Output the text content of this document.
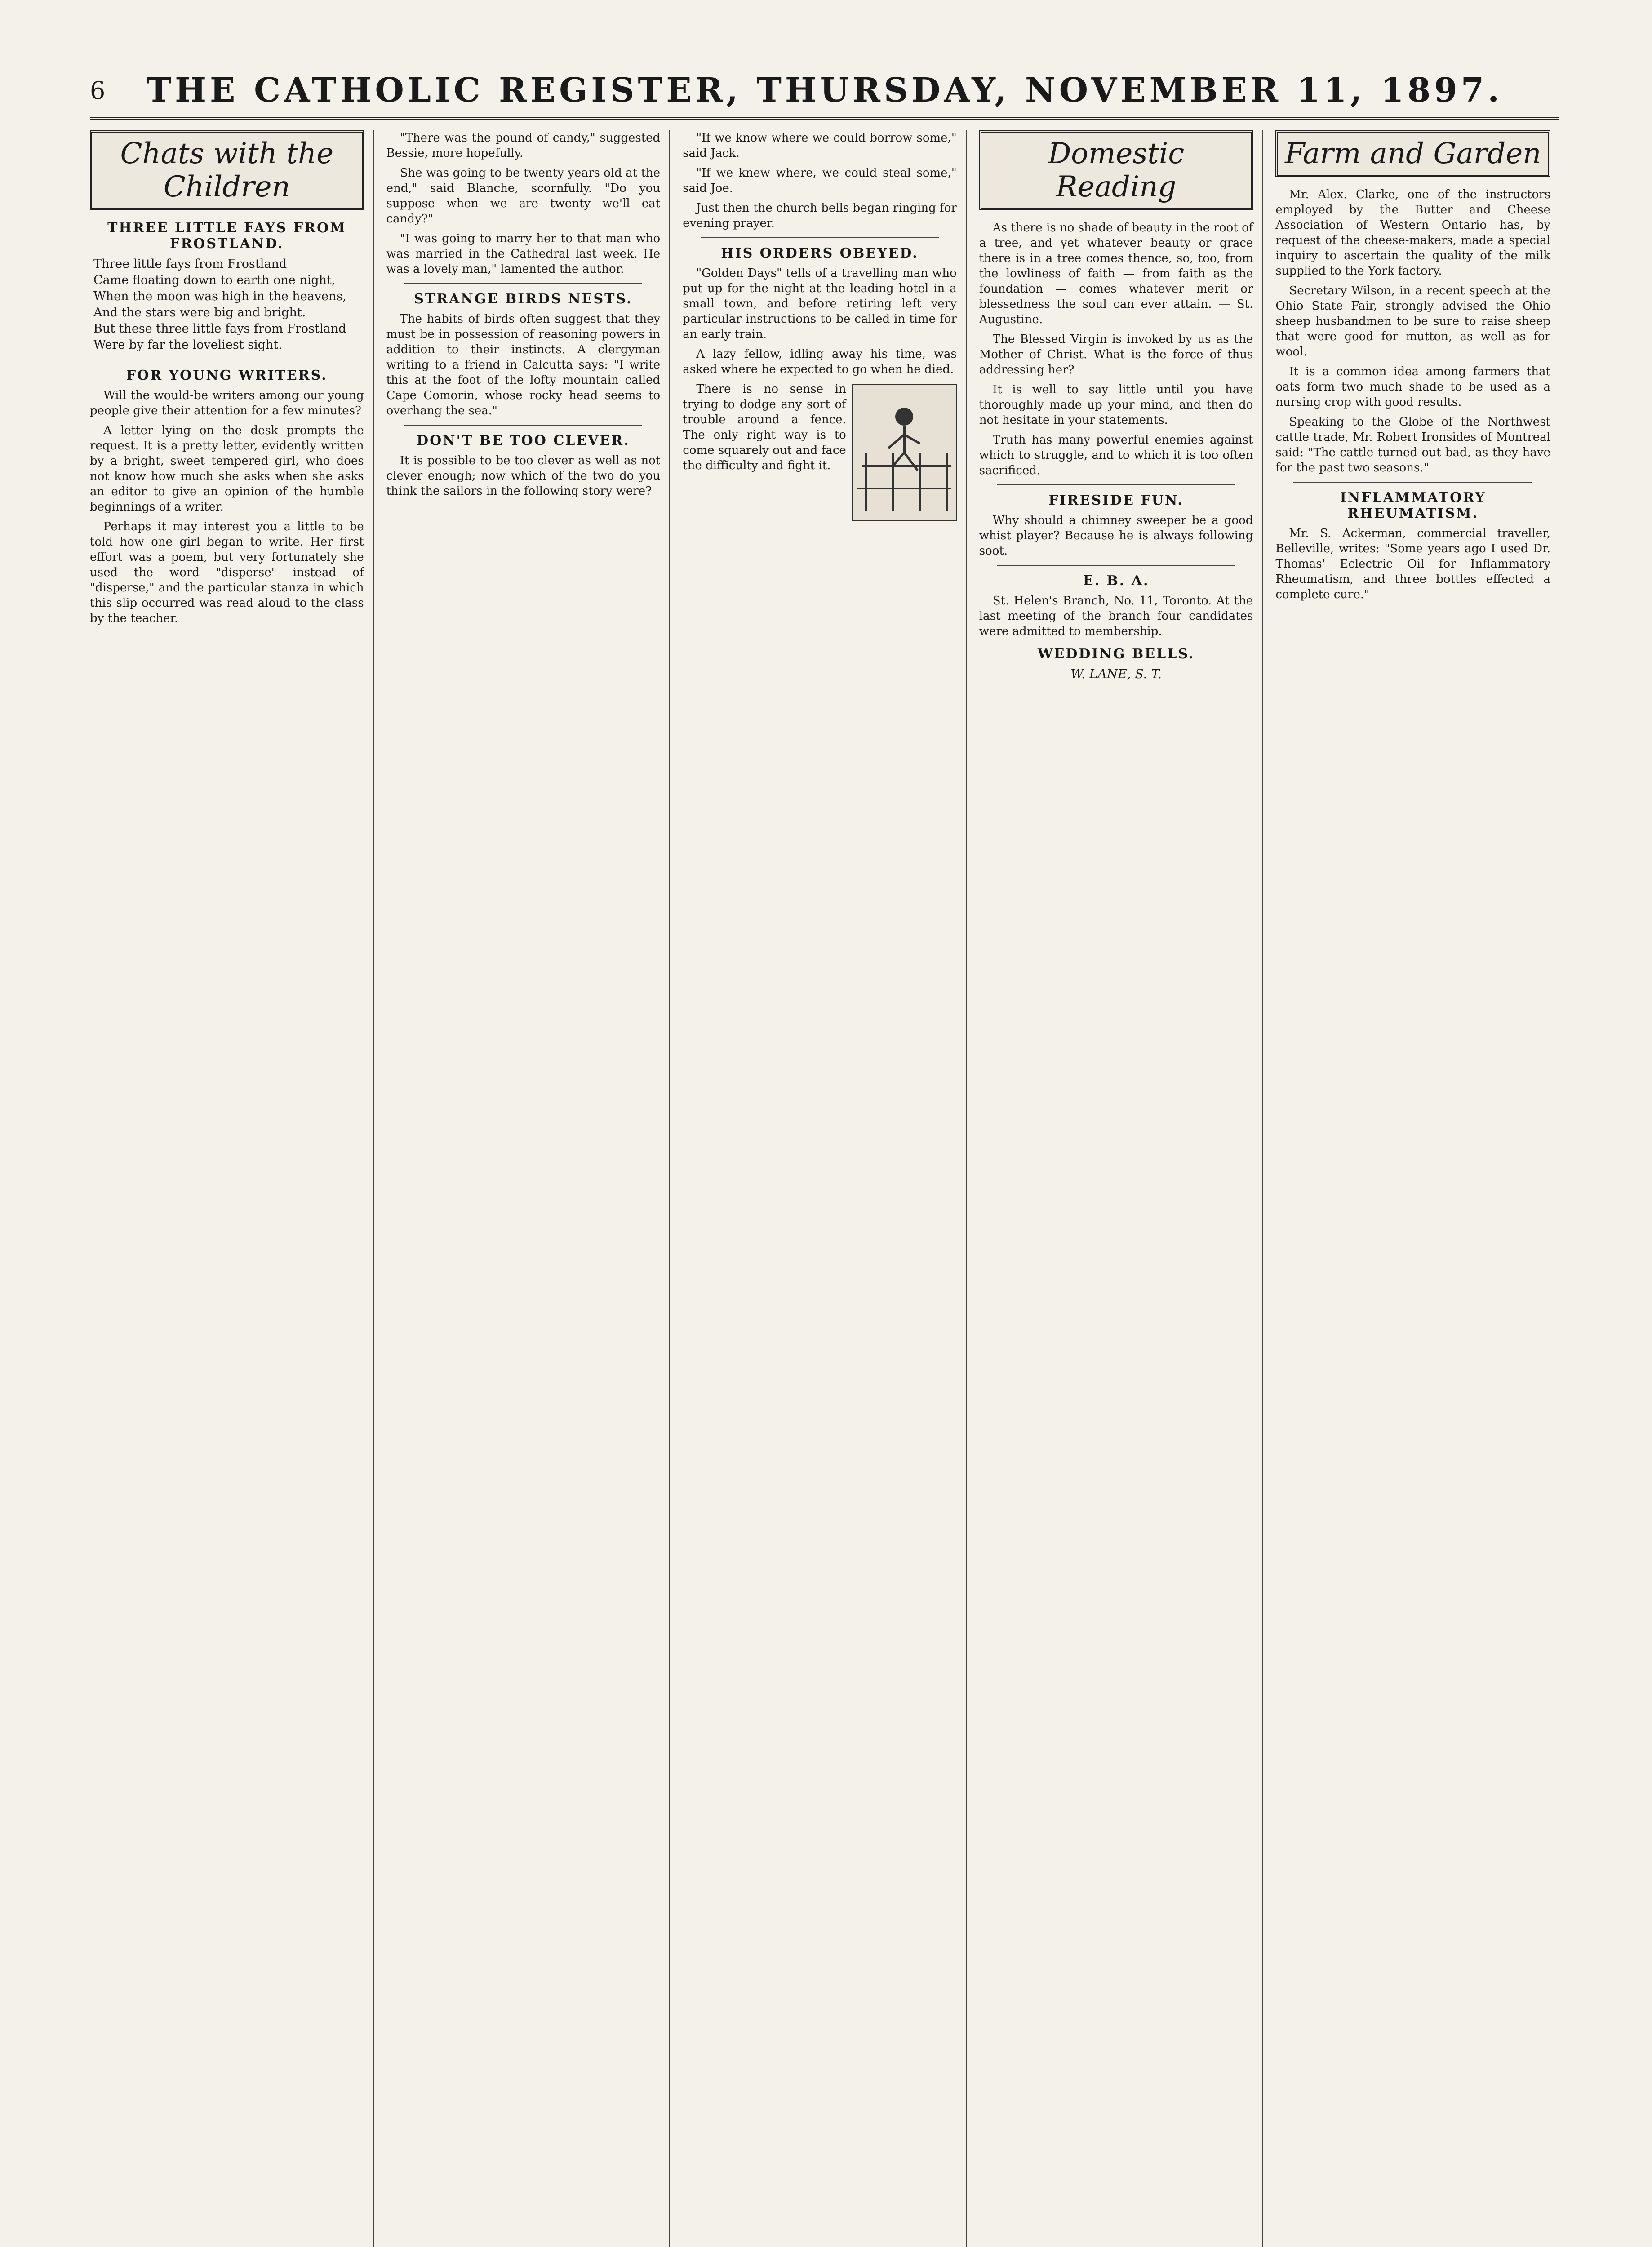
6	THE CATHOLIC REGISTER, THURSDAY, NOVEMBER 11, 1897.
Chats with the Children
THREE LITTLE FAYS FROM FROSTLAND.
Three little fays from Frostland
Came floating down to earth one night,
When the moon was high in the heavens,
And the stars were big and bright.
But these three little fays from Frostland
Were by far the loveliest sight.
FOR YOUNG WRITERS.

Will the would-be writers among our young people give their attention for a few minutes?

A letter lying on the desk prompts the request. It is a pretty letter, evidently written by a bright, sweet tempered girl, who does not know how much she asks when she asks an editor to give an opinion of the humble beginnings of a writer.

Perhaps it may interest you a little to be told how one girl began to write. Her first effort was a poem, but very fortunately she used the word "disperse" instead of "disperse," and the particular stanza in which this slip occurred was read aloud to the class by the teacher.

"There was the pound of candy," suggested Bessie, more hopefully.

She was going to be twenty years old at the end," said Blanche, scornfully. "Do you suppose when we are twenty we'll eat candy?"

"I was going to marry her to that man who was married in the Cathedral last week. He was a lovely man," lamented the author.

STRANGE BIRDS NESTS.

The habits of birds often suggest that they must be in possession of reasoning powers in addition to their instincts. A clergyman writing to a friend in Calcutta says: "I write this at the foot of the lofty mountain called Cape Comorin, whose rocky head seems to overhang the sea."

DON'T BE TOO CLEVER.

It is possible to be too clever as well as not clever enough; now which of the two do you think the sailors in the following story were?

"If we know where we could borrow some," said Jack.

"If we knew where, we could steal some," said Joe.

Just then the church bells began ringing for evening prayer.

HIS ORDERS OBEYED.

"Golden Days" tells of a travelling man who put up for the night at the leading hotel in a small town, and before retiring left very particular instructions to be called in time for an early train.

A lazy fellow, idling away his time, was asked where he expected to go when he died.

There is no sense in trying to dodge any sort of trouble around a fence. The only right way is to come squarely out and face the difficulty and fight it.

Domestic Reading

As there is no shade of beauty in the root of a tree, and yet whatever beauty or grace there is in a tree comes thence, so, too, from the lowliness of faith — from faith as the foundation — comes whatever merit or blessedness the soul can ever attain. — St. Augustine.

The Blessed Virgin is invoked by us as the Mother of Christ. What is the force of thus addressing her?

It is well to say little until you have thoroughly made up your mind, and then do not hesitate in your statements.

Truth has many powerful enemies against which to struggle, and to which it is too often sacrificed.

FIRESIDE FUN.

Why should a chimney sweeper be a good whist player? Because he is always following soot.

E. B. A.

St. Helen's Branch, No. 11, Toronto. At the last meeting of the branch four candidates were admitted to membership.

WEDDING BELLS.
W. LANE, S. T.
Farm and Garden

Mr. Alex. Clarke, one of the instructors employed by the Butter and Cheese Association of Western Ontario has, by request of the cheese-makers, made a special inquiry to ascertain the quality of the milk supplied to the York factory.

Secretary Wilson, in a recent speech at the Ohio State Fair, strongly advised the Ohio sheep husbandmen to be sure to raise sheep that were good for mutton, as well as for wool.

It is a common idea among farmers that oats form two much shade to be used as a nursing crop with good results.

Speaking to the Globe of the Northwest cattle trade, Mr. Robert Ironsides of Montreal said: "The cattle turned out bad, as they have for the past two seasons."

INFLAMMATORY RHEUMATISM.

Mr. S. Ackerman, commercial traveller, Belleville, writes: "Some years ago I used Dr. Thomas' Eclectric Oil for Inflammatory Rheumatism, and three bottles effected a complete cure."
